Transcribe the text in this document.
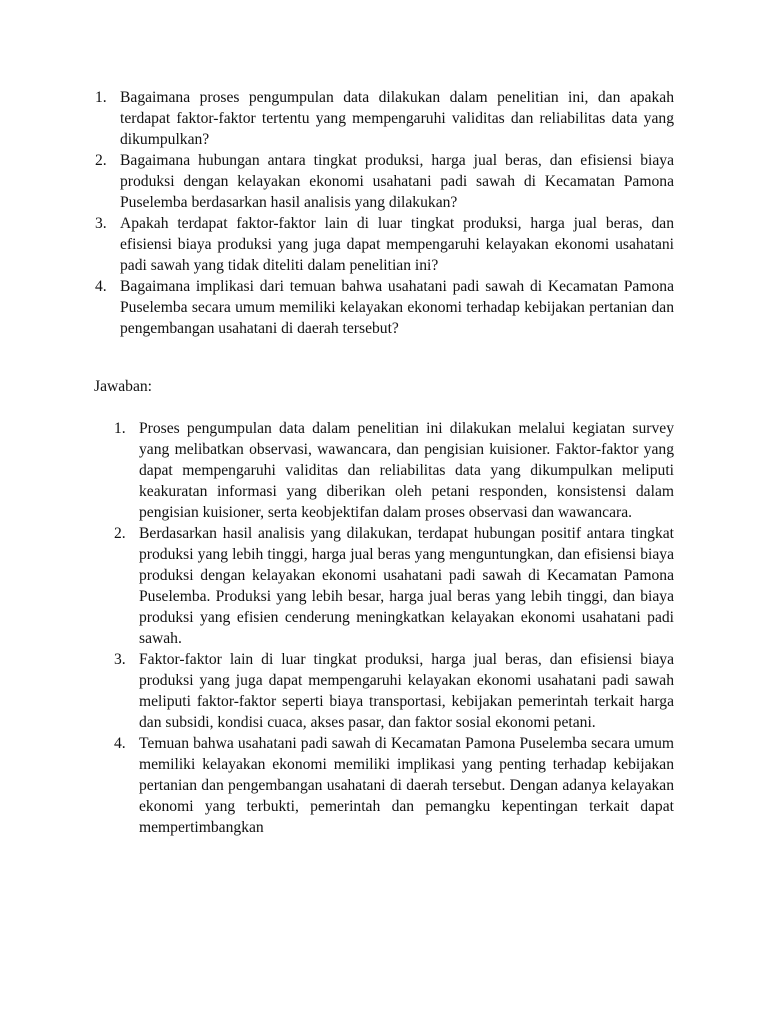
1. Bagaimana proses pengumpulan data dilakukan dalam penelitian ini, dan apakah terdapat faktor-faktor tertentu yang mempengaruhi validitas dan reliabilitas data yang dikumpulkan?
2. Bagaimana hubungan antara tingkat produksi, harga jual beras, dan efisiensi biaya produksi dengan kelayakan ekonomi usahatani padi sawah di Kecamatan Pamona Puselemba berdasarkan hasil analisis yang dilakukan?
3. Apakah terdapat faktor-faktor lain di luar tingkat produksi, harga jual beras, dan efisiensi biaya produksi yang juga dapat mempengaruhi kelayakan ekonomi usahatani padi sawah yang tidak diteliti dalam penelitian ini?
4. Bagaimana implikasi dari temuan bahwa usahatani padi sawah di Kecamatan Pamona Puselemba secara umum memiliki kelayakan ekonomi terhadap kebijakan pertanian dan pengembangan usahatani di daerah tersebut?
Jawaban:
1. Proses pengumpulan data dalam penelitian ini dilakukan melalui kegiatan survey yang melibatkan observasi, wawancara, dan pengisian kuisioner. Faktor-faktor yang dapat mempengaruhi validitas dan reliabilitas data yang dikumpulkan meliputi keakuratan informasi yang diberikan oleh petani responden, konsistensi dalam pengisian kuisioner, serta keobjektifan dalam proses observasi dan wawancara.
2. Berdasarkan hasil analisis yang dilakukan, terdapat hubungan positif antara tingkat produksi yang lebih tinggi, harga jual beras yang menguntungkan, dan efisiensi biaya produksi dengan kelayakan ekonomi usahatani padi sawah di Kecamatan Pamona Puselemba. Produksi yang lebih besar, harga jual beras yang lebih tinggi, dan biaya produksi yang efisien cenderung meningkatkan kelayakan ekonomi usahatani padi sawah.
3. Faktor-faktor lain di luar tingkat produksi, harga jual beras, dan efisiensi biaya produksi yang juga dapat mempengaruhi kelayakan ekonomi usahatani padi sawah meliputi faktor-faktor seperti biaya transportasi, kebijakan pemerintah terkait harga dan subsidi, kondisi cuaca, akses pasar, dan faktor sosial ekonomi petani.
4. Temuan bahwa usahatani padi sawah di Kecamatan Pamona Puselemba secara umum memiliki kelayakan ekonomi memiliki implikasi yang penting terhadap kebijakan pertanian dan pengembangan usahatani di daerah tersebut. Dengan adanya kelayakan ekonomi yang terbukti, pemerintah dan pemangku kepentingan terkait dapat mempertimbangkan
